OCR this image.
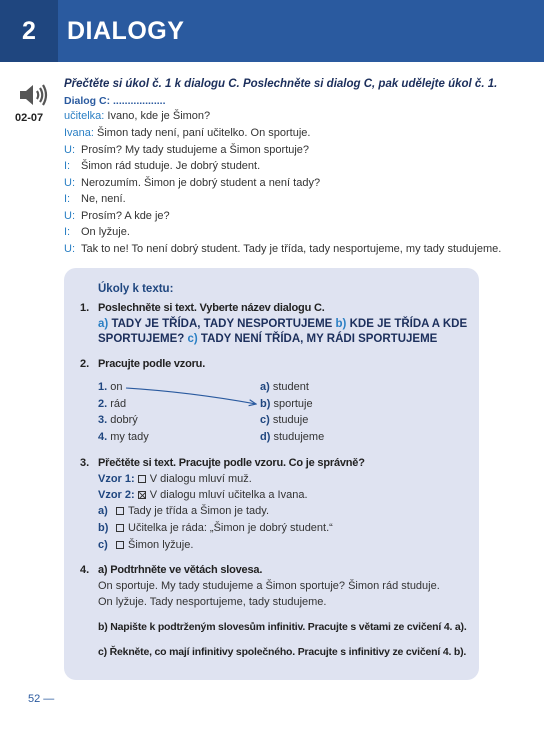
2	DIALOGY
02-07
Přečtěte si úkol č. 1 k dialogu C. Poslechněte si dialog C, pak udělejte úkol č. 1.
Dialog C: ..................
učitelka: Ivano, kde je Šimon?
Ivana: Šimon tady není, paní učitelko. On sportuje.
U: Prosím? My tady studujeme a Šimon sportuje?
I: Šimon rád studuje. Je dobrý student.
U: Nerozumím. Šimon je dobrý student a není tady?
I: Ne, není.
U: Prosím? A kde je?
I: On lyžuje.
U: Tak to ne! To není dobrý student. Tady je třída, tady nesportujeme, my tady studujeme.
Úkoly k textu:
1. Poslechněte si text. Vyberte název dialogu C.
a) TADY JE TŘÍDA, TADY NESPORTUJEME b) KDE JE TŘÍDA A KDE
SPORTUJEME? c) TADY NENÍ TŘÍDA, MY RÁDI SPORTUJEME
2. Pracujte podle vzoru.
1. on
2. rád
3. dobrý
4. my tady
a) student
b) sportuje
c) studuje
d) studujeme
3. Přečtěte si text. Pracujte podle vzoru. Co je správně?
Vzor 1: V dialogu mluví muž.
Vzor 2: V dialogu mluví učitelka a Ivana.
a) Tady je třída a Šimon je tady.
b) Učitelka je ráda: „Šimon je dobrý student.“
c) Šimon lyžuje.
4. a) Podtrhněte ve větách slovesa.
On sportuje. My tady studujeme a Šimon sportuje? Šimon rád studuje.
On lyžuje. Tady nesportujeme, tady studujeme.
b) Napište k podtrženým slovesům infinitiv. Pracujte s větami ze cvičení 4. a).
c) Řekněte, co mají infinitivy společného. Pracujte s infinitivy ze cvičení 4. b).
52 —
